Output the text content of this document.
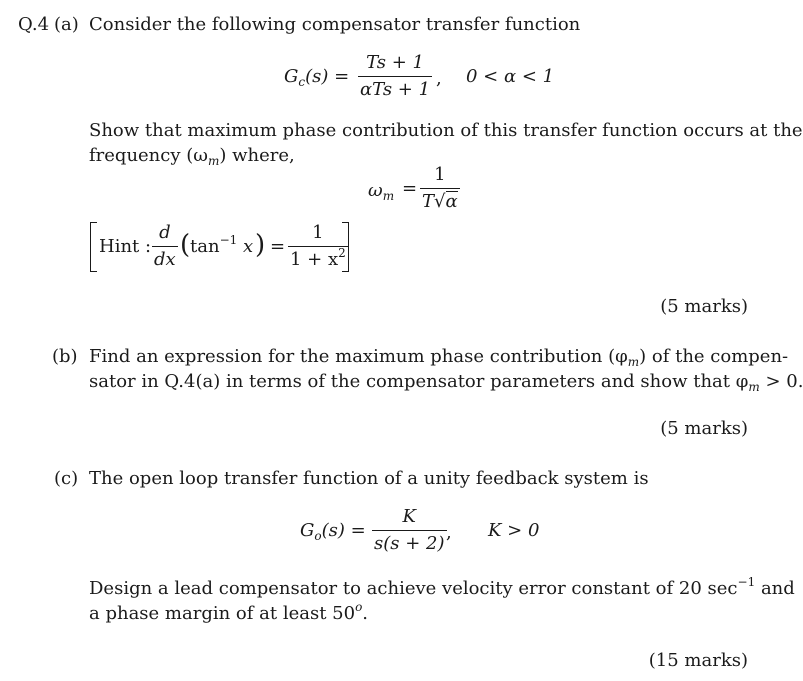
Q.4 (a) Consider the following compensator transfer function
$G_c(s)$ =
Ts + 1
αTs + 1
, 0 < α < 1
Show that maximum phase contribution of this transfer function occurs at the
frequency $(\omega_m)$ where,
$\omega_m$ =
1
T√α
Hint :
d
dx ( $\tan^{-1} x$ ) =
1
$1 + x^2$
(5 marks)
(b) Find an expression for the maximum phase contribution $(\varphi_m)$ of the compen-
sator in Q.4(a) in terms of the compensator parameters and show that $\varphi_m > 0$.
(5 marks)
(c) The open loop transfer function of a unity feedback system is
$G_o(s)$ =
K
s(s + 2)
, K > 0
Design a lead compensator to achieve velocity error constant of 20 $\sec^{-1}$ and
a phase margin of at least 50$^o$.
(15 marks)
